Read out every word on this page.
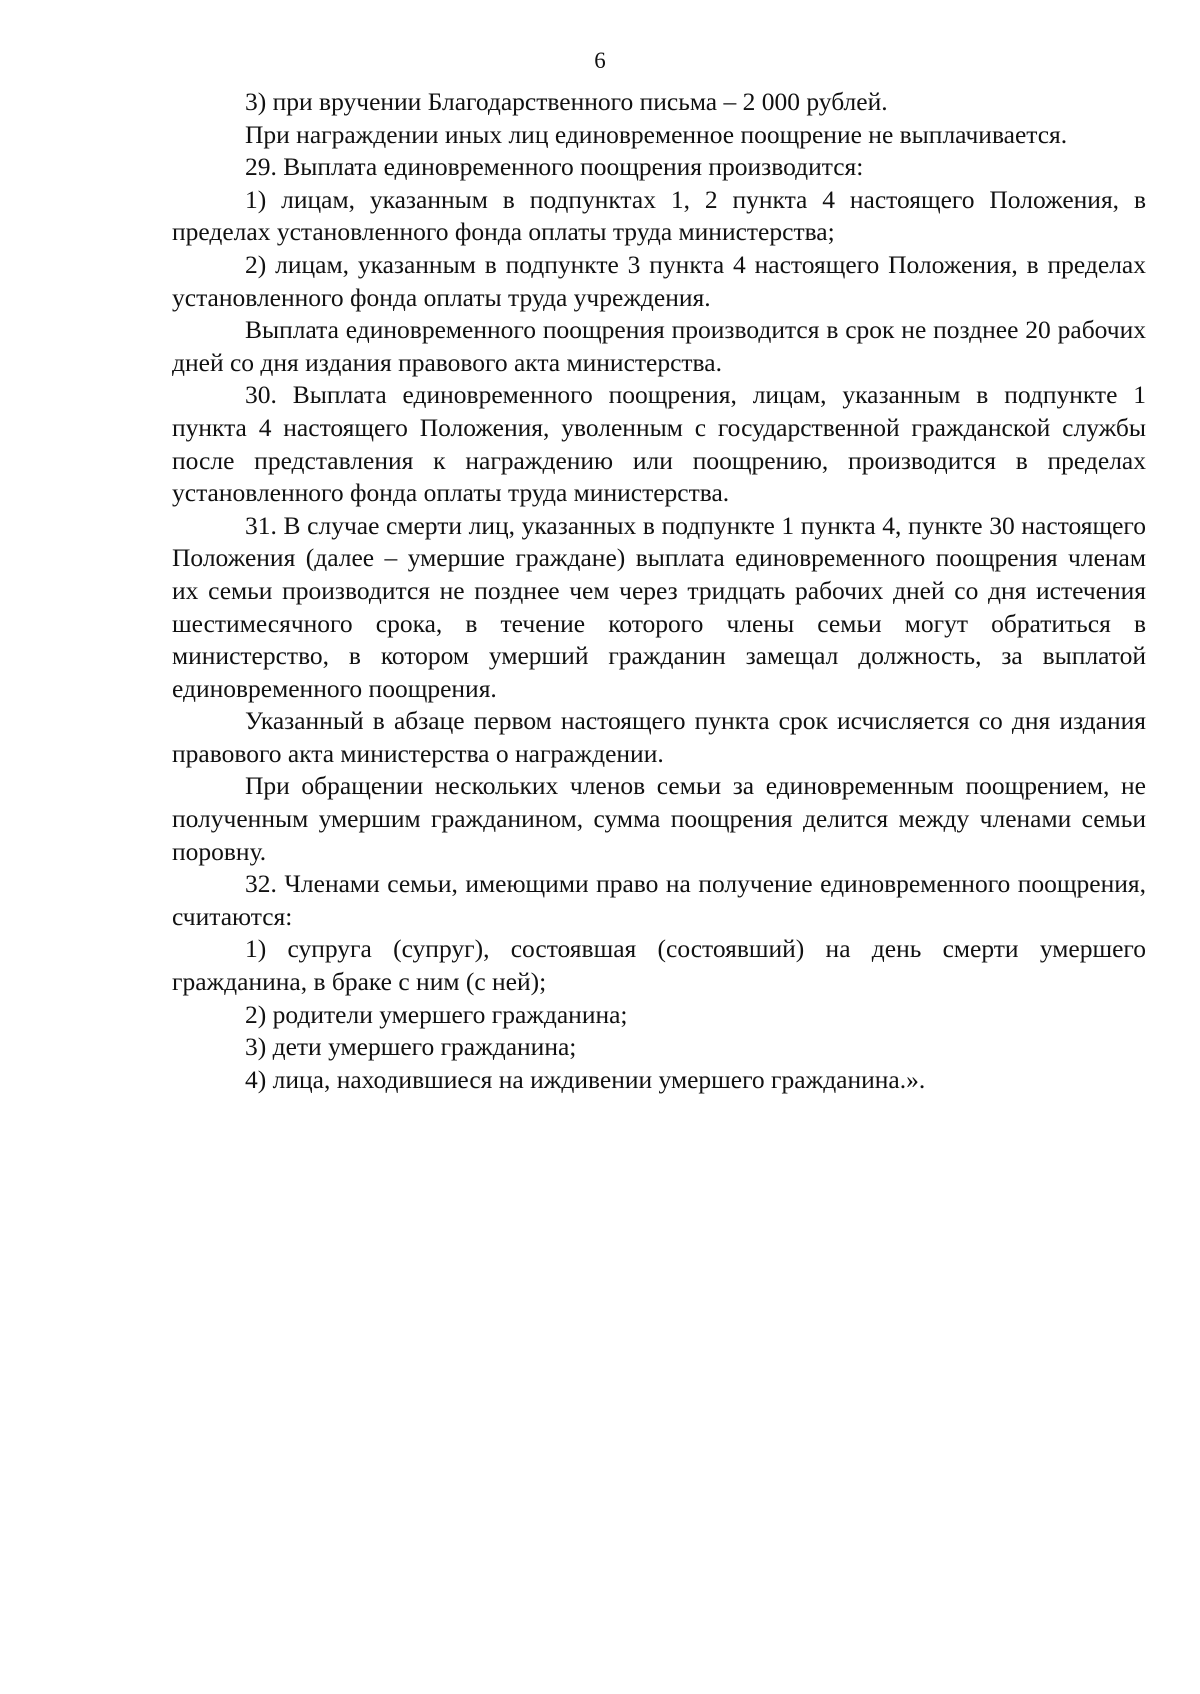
6

3) при вручении Благодарственного письма – 2 000 рублей.

При награждении иных лиц единовременное поощрение не выплачивается.

29. Выплата единовременного поощрения производится:

1) лицам, указанным в подпунктах 1, 2 пункта 4 настоящего Положения, в пределах установленного фонда оплаты труда министерства;

2) лицам, указанным в подпункте 3 пункта 4 настоящего Положения, в пределах установленного фонда оплаты труда учреждения.

Выплата единовременного поощрения производится в срок не позднее 20 рабочих дней со дня издания правового акта министерства.

30. Выплата единовременного поощрения, лицам, указанным в подпункте 1 пункта 4 настоящего Положения, уволенным с государственной гражданской службы после представления к награждению или поощрению, производится в пределах установленного фонда оплаты труда министерства.

31. В случае смерти лиц, указанных в подпункте 1 пункта 4, пункте 30 настоящего Положения (далее – умершие граждане) выплата единовременного поощрения членам их семьи производится не позднее чем через тридцать рабочих дней со дня истечения шестимесячного срока, в течение которого члены семьи могут обратиться в министерство, в котором умерший гражданин замещал должность, за выплатой единовременного поощрения.

Указанный в абзаце первом настоящего пункта срок исчисляется со дня издания правового акта министерства о награждении.

При обращении нескольких членов семьи за единовременным поощрением, не полученным умершим гражданином, сумма поощрения делится между членами семьи поровну.

32. Членами семьи, имеющими право на получение единовременного поощрения, считаются:

1) супруга (супруг), состоявшая (состоявший) на день смерти умершего гражданина, в браке с ним (с ней);

2) родители умершего гражданина;

3) дети умершего гражданина;

4) лица, находившиеся на иждивении умершего гражданина.».
